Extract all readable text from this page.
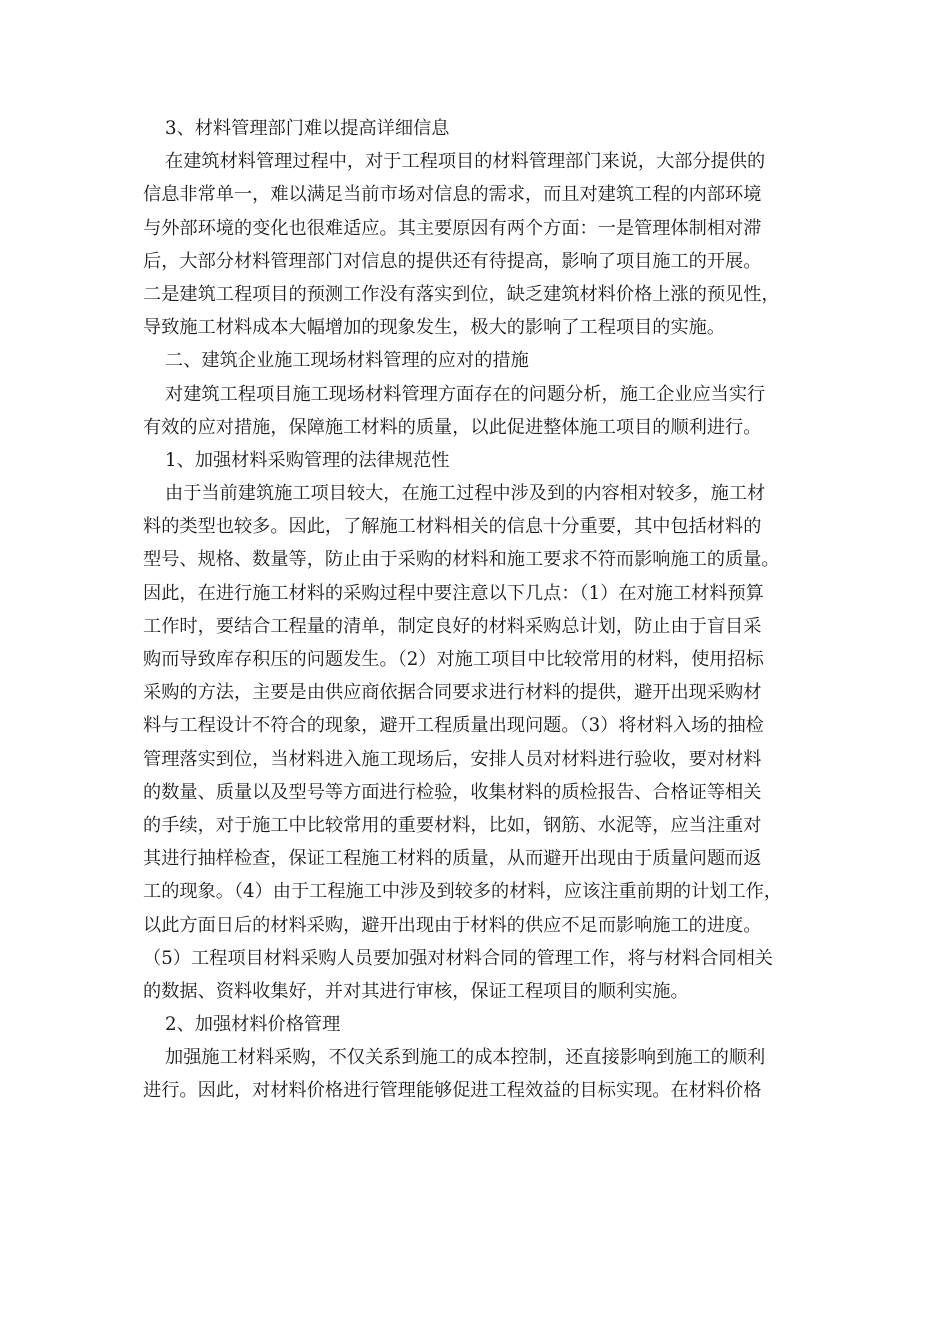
3、材料管理部门难以提高详细信息
在建筑材料管理过程中，对于工程项目的材料管理部门来说，大部分提供的
信息非常单一，难以满足当前市场对信息的需求，而且对建筑工程的内部环境
与外部环境的变化也很难适应。其主要原因有两个方面：一是管理体制相对滞
后，大部分材料管理部门对信息的提供还有待提高，影响了项目施工的开展。
二是建筑工程项目的预测工作没有落实到位，缺乏建筑材料价格上涨的预见性，
导致施工材料成本大幅增加的现象发生，极大的影响了工程项目的实施。
二、建筑企业施工现场材料管理的应对的措施
对建筑工程项目施工现场材料管理方面存在的问题分析，施工企业应当实行
有效的应对措施，保障施工材料的质量，以此促进整体施工项目的顺利进行。
1、加强材料采购管理的法律规范性
由于当前建筑施工项目较大，在施工过程中涉及到的内容相对较多，施工材
料的类型也较多。因此，了解施工材料相关的信息十分重要，其中包括材料的
型号、规格、数量等，防止由于采购的材料和施工要求不符而影响施工的质量。
因此，在进行施工材料的采购过程中要注意以下几点：（1）在对施工材料预算
工作时，要结合工程量的清单，制定良好的材料采购总计划，防止由于盲目采
购而导致库存积压的问题发生。（2）对施工项目中比较常用的材料，使用招标
采购的方法，主要是由供应商依据合同要求进行材料的提供，避开出现采购材
料与工程设计不符合的现象，避开工程质量出现问题。（3）将材料入场的抽检
管理落实到位，当材料进入施工现场后，安排人员对材料进行验收，要对材料
的数量、质量以及型号等方面进行检验，收集材料的质检报告、合格证等相关
的手续，对于施工中比较常用的重要材料，比如，钢筋、水泥等，应当注重对
其进行抽样检查，保证工程施工材料的质量，从而避开出现由于质量问题而返
工的现象。（4）由于工程施工中涉及到较多的材料，应该注重前期的计划工作，
以此方面日后的材料采购，避开出现由于材料的供应不足而影响施工的进度。
（5）工程项目材料采购人员要加强对材料合同的管理工作，将与材料合同相关
的数据、资料收集好，并对其进行审核，保证工程项目的顺利实施。
2、加强材料价格管理
加强施工材料采购，不仅关系到施工的成本控制，还直接影响到施工的顺利
进行。因此，对材料价格进行管理能够促进工程效益的目标实现。在材料价格
